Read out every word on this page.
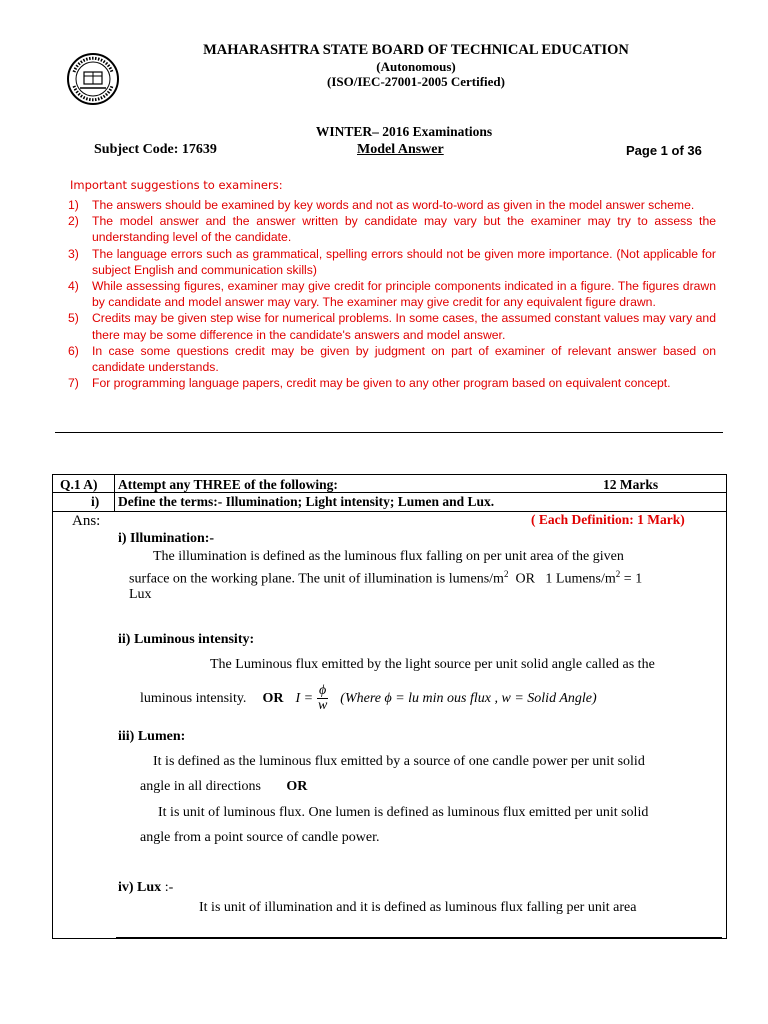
MAHARASHTRA STATE BOARD OF TECHNICAL EDUCATION
(Autonomous)
(ISO/IEC-27001-2005 Certified)
WINTER– 2016 Examinations
Subject Code: 17639	Model Answer	Page 1 of 36
Important suggestions to examiners:
1)	The answers should be examined by key words and not as word-to-word as given in the model answer scheme.
2)	The model answer and the answer written by candidate may vary but the examiner may try to assess the understanding level of the candidate.
3)	The language errors such as grammatical, spelling errors should not be given more importance. (Not applicable for subject English and communication skills)
4)	While assessing figures, examiner may give credit for principle components indicated in a figure. The figures drawn by candidate and model answer may vary. The examiner may give credit for any equivalent figure drawn.
5)	Credits may be given step wise for numerical problems. In some cases, the assumed constant values may vary and there may be some difference in the candidate's answers and model answer.
6)	In case some questions credit may be given by judgment on part of examiner of relevant answer based on candidate understands.
7)	For programming language papers, credit may be given to any other program based on equivalent concept.
Q.1 A) Attempt any THREE of the following:	12 Marks
i) Define the terms:- Illumination; Light intensity; Lumen and Lux.
Ans:	( Each Definition: 1 Mark)
i) Illumination:-
The illumination is defined as the luminous flux falling on per unit area of the given
surface on the working plane. The unit of illumination is lumens/$m^2$ OR 1 Lumens/$m^2 = 1$
Lux
ii) Luminous intensity:
The Luminous flux emitted by the light source per unit solid angle called as the
luminous intensity. OR $I = \frac{\phi}{w}$ (Where ϕ = lu min ous flux , w = Solid Angle)
iii) Lumen:
It is defined as the luminous flux emitted by a source of one candle power per unit solid
angle in all directions OR
It is unit of luminous flux. One lumen is defined as luminous flux emitted per unit solid
angle from a point source of candle power.
iv) Lux :-
It is unit of illumination and it is defined as luminous flux falling per unit area
